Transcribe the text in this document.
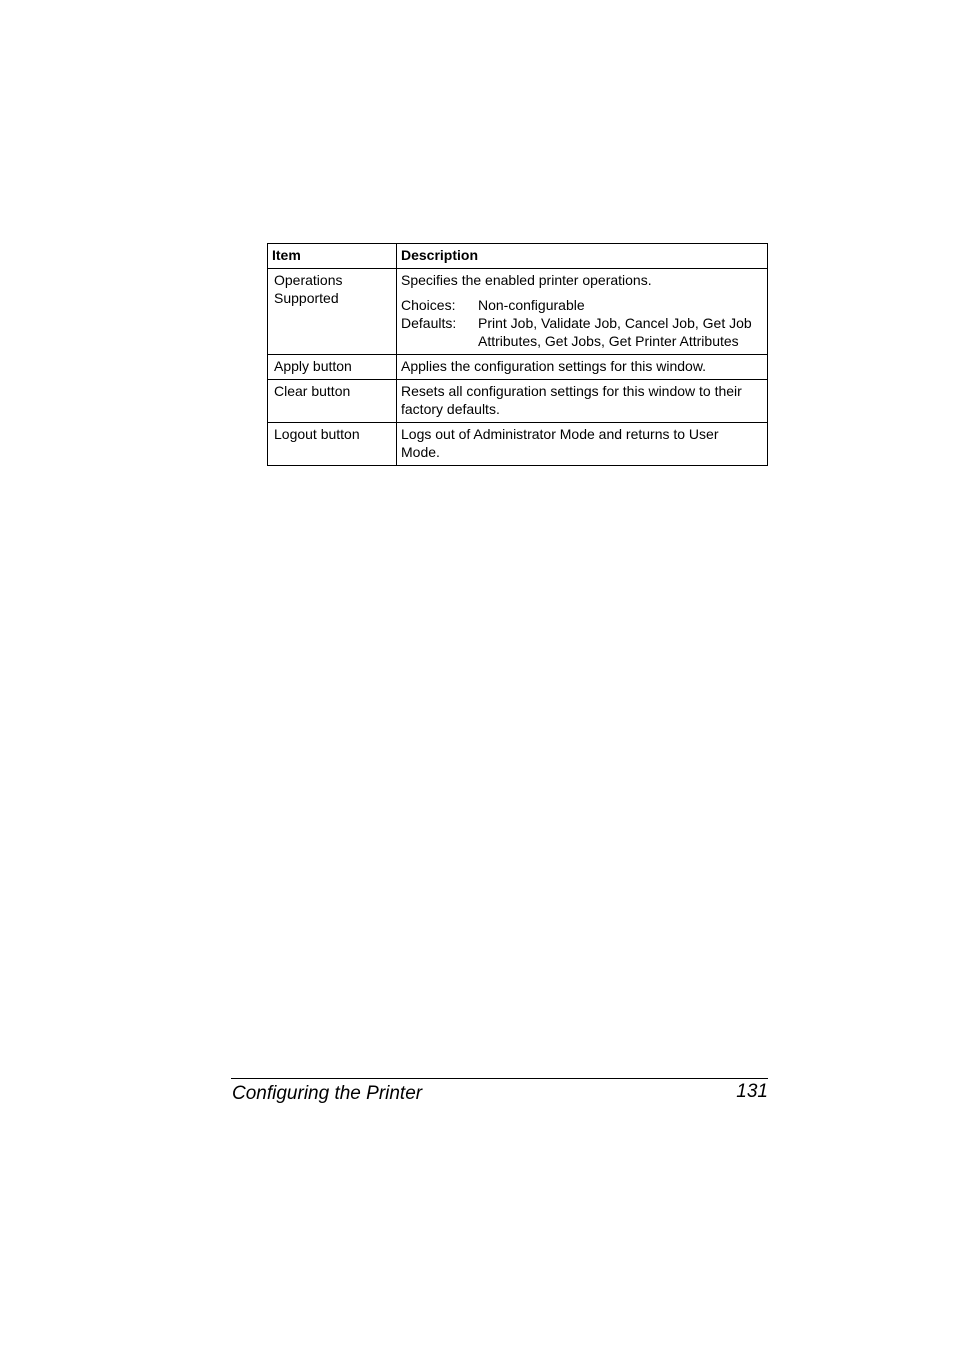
Item	Description
Operations Supported	Specifies the enabled printer operations.
Choices: Non-configurable
Defaults: Print Job, Validate Job, Cancel Job, Get Job Attributes, Get Jobs, Get Printer Attributes

Apply button	Applies the configuration settings for this window.
Clear button	Resets all configuration settings for this window to their factory defaults.
Logout button	Logs out of Administrator Mode and returns to User Mode.
Configuring the Printer	131
